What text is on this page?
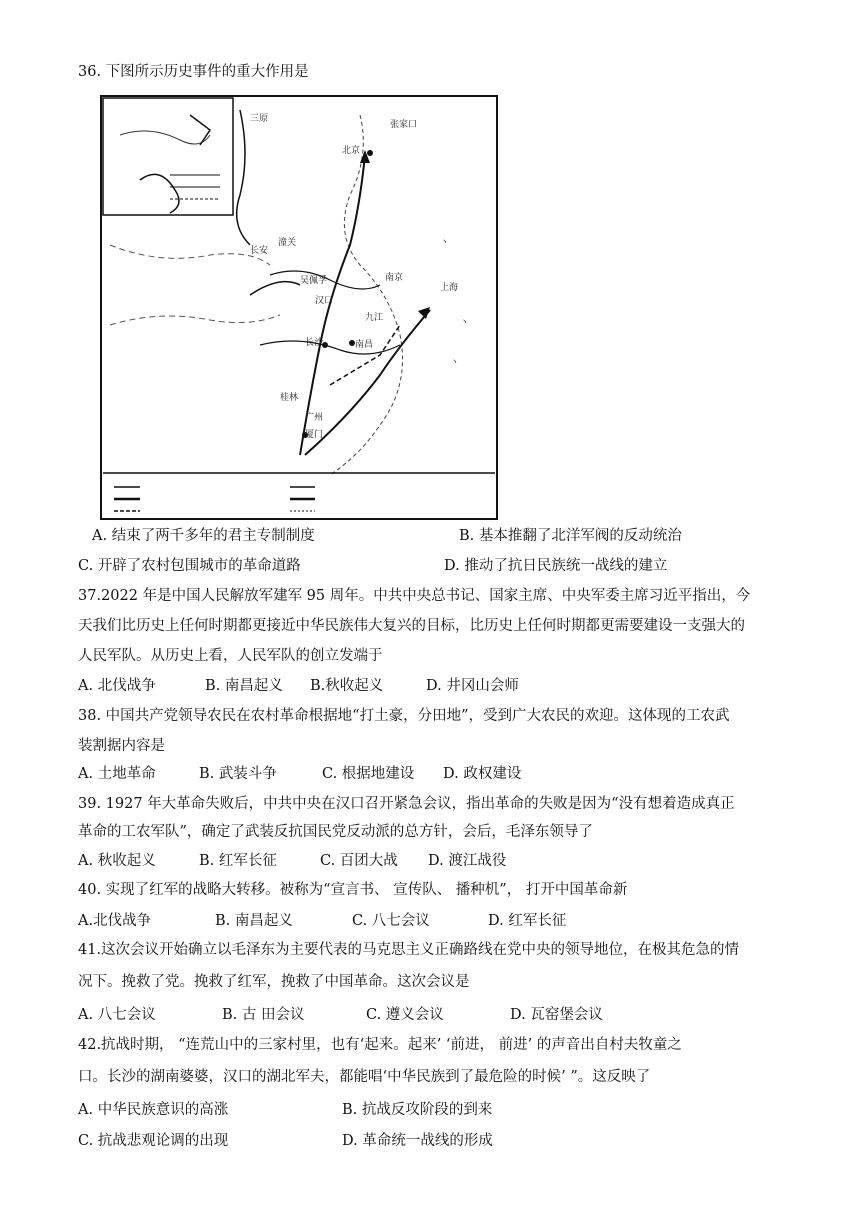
36. 下图所示历史事件的重大作用是
丶
丶
丶
三原
张家口
北京
长安
潼关
吴佩孚	南京
上海
汉口
九江
长沙	南昌
桂林
广州
厦门
A. 结束了两千多年的君主专制制度	B. 基本推翻了北洋军阀的反动统治
C. 开辟了农村包围城市的革命道路	D. 推动了抗日民族统一战线的建立
37.2022 年是中国人民解放军建军 95 周年。中共中央总书记、国家主席、中央军委主席习近平指出，今
天我们比历史上任何时期都更接近中华民族伟大复兴的目标，比历史上任何时期都更需要建设一支强大的
人民军队。从历史上看，人民军队的创立发端于
A. 北伐战争	B. 南昌起义 B.秋收起义	D. 井冈山会师
38. 中国共产党领导农民在农村革命根据地“打土豪，分田地”，受到广大农民的欢迎。这体现的工农武
装割据内容是
A. 土地革命	B. 武装斗争	C. 根据地建设 D. 政权建设
39. 1927 年大革命失败后，中共中央在汉口召开紧急会议，指出革命的失败是因为“没有想着造成真正
革命的工农军队”，确定了武装反抗国民党反动派的总方针，会后，毛泽东领导了
A. 秋收起义	B. 红军长征	C. 百团大战 D. 渡江战役
40. 实现了红军的战略大转移。被称为“宣言书、 宣传队、 播种机”， 打开中国革命新
A.北伐战争	B. 南昌起义	C. 八七会议	D. 红军长征
41.这次会议开始确立以毛泽东为主要代表的马克思主义正确路线在党中央的领导地位，在极其危急的情
况下。挽救了党。挽救了红军，挽救了中国革命。这次会议是
A. 八七会议	B. 古 田会议	C. 遵义会议	D. 瓦窑堡会议
42.抗战时期， “连荒山中的三家村里，也有‘起来。起来’ ‘前进， 前进’ 的声音出自村夫牧童之
口。长沙的湖南婆婆，汉口的湖北军夫，都能唱‘中华民族到了最危险的时候’ ”。这反映了
A. 中华民族意识的高涨	B. 抗战反攻阶段的到来
C. 抗战悲观论调的出现	D. 革命统一战线的形成
